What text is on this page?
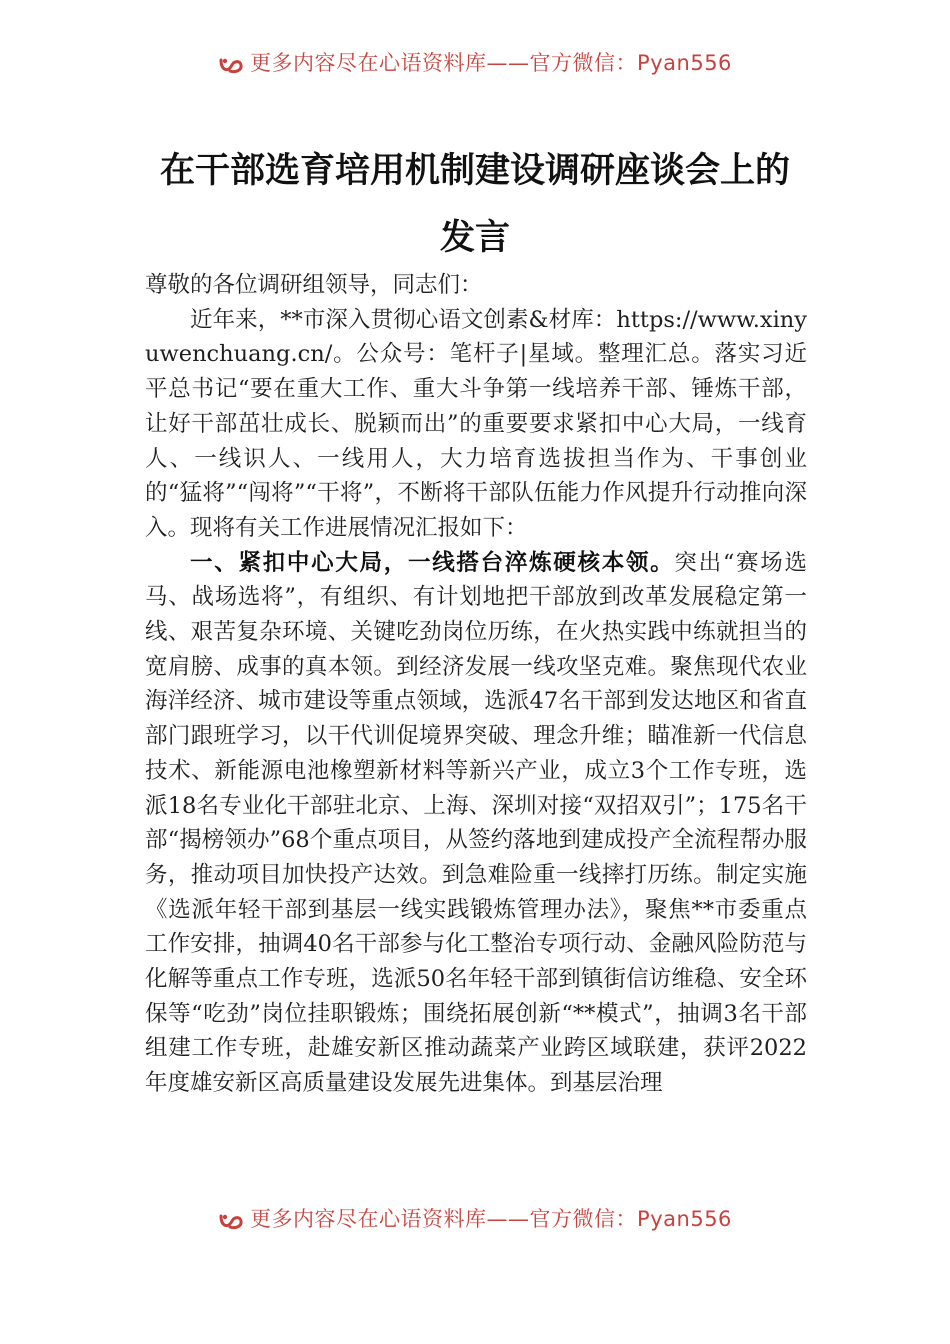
更多内容尽在心语资料库——官方微信：Pyan556
在干部选育培用机制建设调研座谈会上的
发言

尊敬的各位调研组领导，同志们：

近年来，**市深入贯彻心语文创素&材库：https://www.xinyuwenchuang.cn/。公众号：笔杆子|星域。整理汇总。落实习近平总书记“要在重大工作、重大斗争第一线培养干部、锤炼干部，让好干部茁壮成长、脱颖而出”的重要要求紧扣中心大局，一线育人、一线识人、一线用人，大力培育选拔担当作为、干事创业的“猛将”“闯将”“干将”，不断将干部队伍能力作风提升行动推向深入。现将有关工作进展情况汇报如下：

一、紧扣中心大局，一线搭台淬炼硬核本领。突出“赛场选马、战场选将”，有组织、有计划地把干部放到改革发展稳定第一线、艰苦复杂环境、关键吃劲岗位历练，在火热实践中练就担当的宽肩膀、成事的真本领。到经济发展一线攻坚克难。聚焦现代农业海洋经济、城市建设等重点领域，选派47名干部到发达地区和省直部门跟班学习，以干代训促境界突破、理念升维；瞄准新一代信息技术、新能源电池橡塑新材料等新兴产业，成立3个工作专班，选派18名专业化干部驻北京、上海、深圳对接“双招双引”；175名干部“揭榜领办”68个重点项目，从签约落地到建成投产全流程帮办服务，推动项目加快投产达效。到急难险重一线摔打历练。制定实施《选派年轻干部到基层一线实践锻炼管理办法》，聚焦**市委重点工作安排，抽调40名干部参与化工整治专项行动、金融风险防范与化解等重点工作专班，选派50名年轻干部到镇街信访维稳、安全环保等“吃劲”岗位挂职锻炼；围绕拓展创新“**模式”，抽调3名干部组建工作专班，赴雄安新区推动蔬菜产业跨区域联建，获评2022年度雄安新区高质量建设发展先进集体。到基层治理

更多内容尽在心语资料库——官方微信：Pyan556
